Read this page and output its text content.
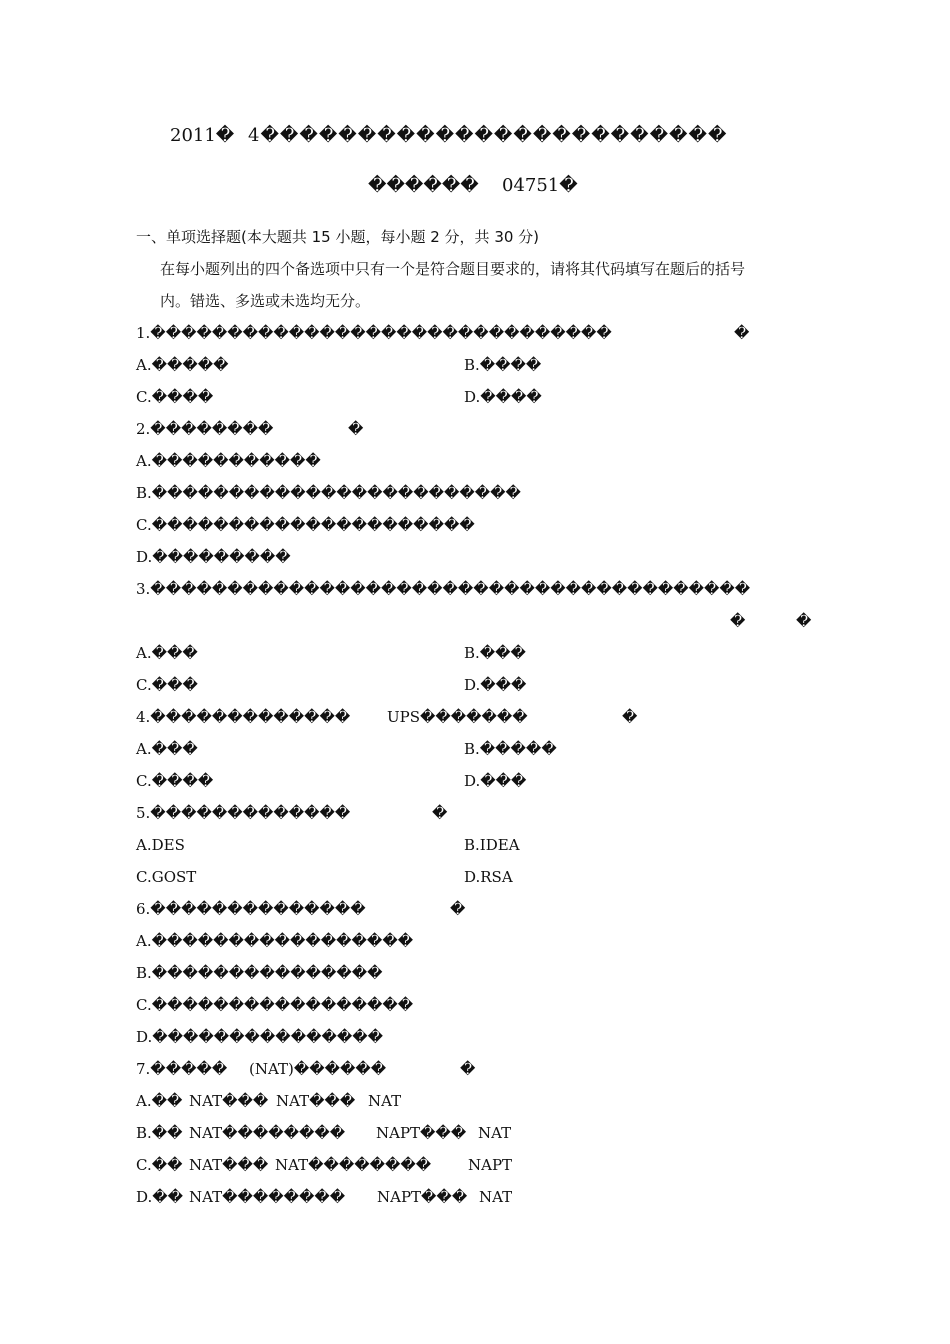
2011� 4������������������������
������ 04751�
一、单项选择题(本大题共 15 小题，每小题 2 分，共 30 分)
在每小题列出的四个备选项中只有一个是符合题目要求的，请将其代码填写在题后的括号
内。错选、多选或未选均无分。
1.������������������������������	�
A.�����	B.����
C.����	D.����
2.��������	�
A.�����������
B.������������������������
C.���������������������
D.���������
3.���������������������������������������
�	�
A.���	B.���
C.���	D.���
4.������������� UPS�������	�
A.���	B.�����
C.����	D.���
5.�������������	�
A.DES	B.IDEA
C.GOST	D.RSA
6.��������������	�
A.�����������������
B.���������������
C.�����������������
D.���������������
7.����� (NAT)������	�
A.�� NAT��� NAT��� NAT
B.�� NAT�������� NAPT��� NAT
C.�� NAT��� NAT�������� NAPT
D.�� NAT�������� NAPT��� NAT
